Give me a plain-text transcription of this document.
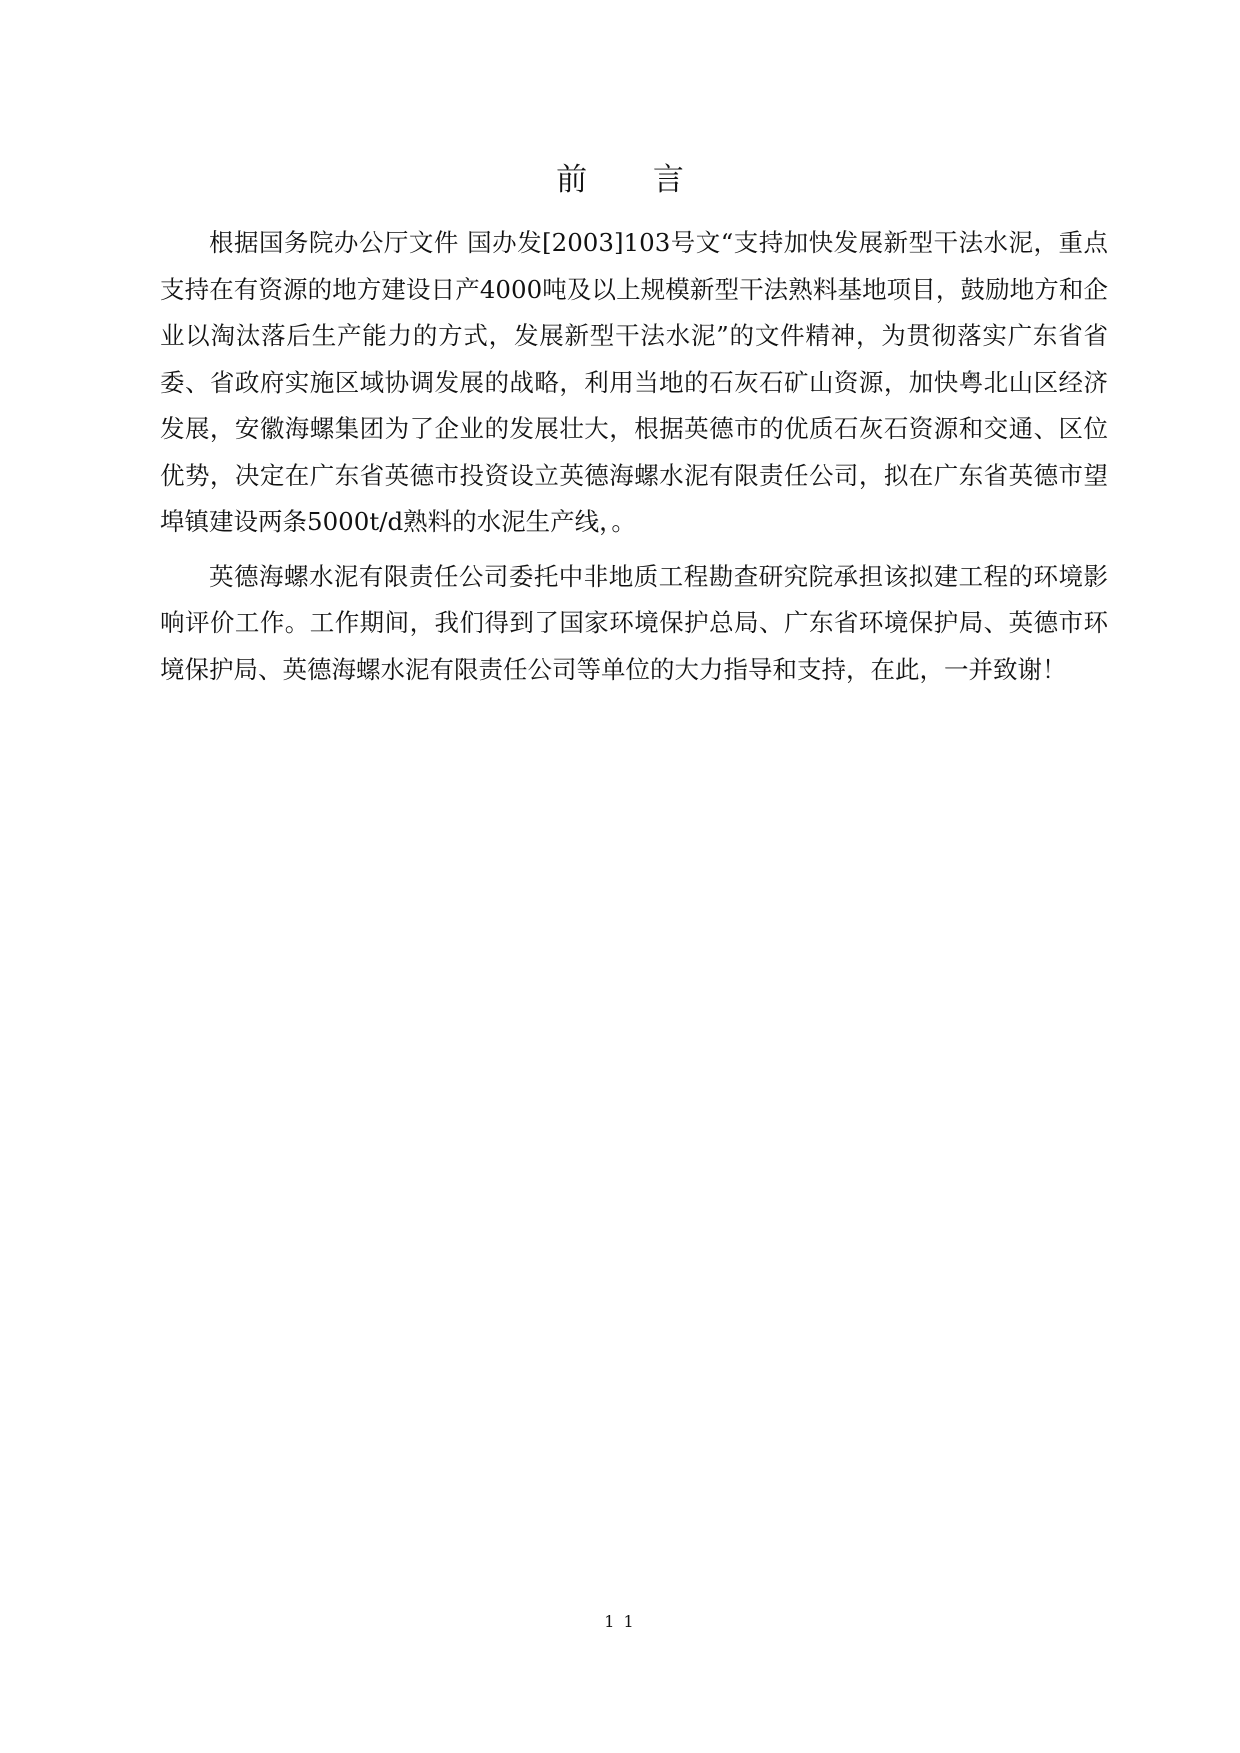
前 言

根据国务院办公厅文件 国办发[2003]103号文“支持加快发展新型干法水泥，重点支持在有资源的地方建设日产4000吨及以上规模新型干法熟料基地项目，鼓励地方和企业以淘汰落后生产能力的方式，发展新型干法水泥”的文件精神，为贯彻落实广东省省委、省政府实施区域协调发展的战略，利用当地的石灰石矿山资源，加快粤北山区经济发展，安徽海螺集团为了企业的发展壮大，根据英德市的优质石灰石资源和交通、区位优势，决定在广东省英德市投资设立英德海螺水泥有限责任公司，拟在广东省英德市望埠镇建设两条5000t/d熟料的水泥生产线，。

英德海螺水泥有限责任公司委托中非地质工程勘查研究院承担该拟建工程的环境影响评价工作。工作期间，我们得到了国家环境保护总局、广东省环境保护局、英德市环境保护局、英德海螺水泥有限责任公司等单位的大力指导和支持，在此，一并致谢！

1 1
